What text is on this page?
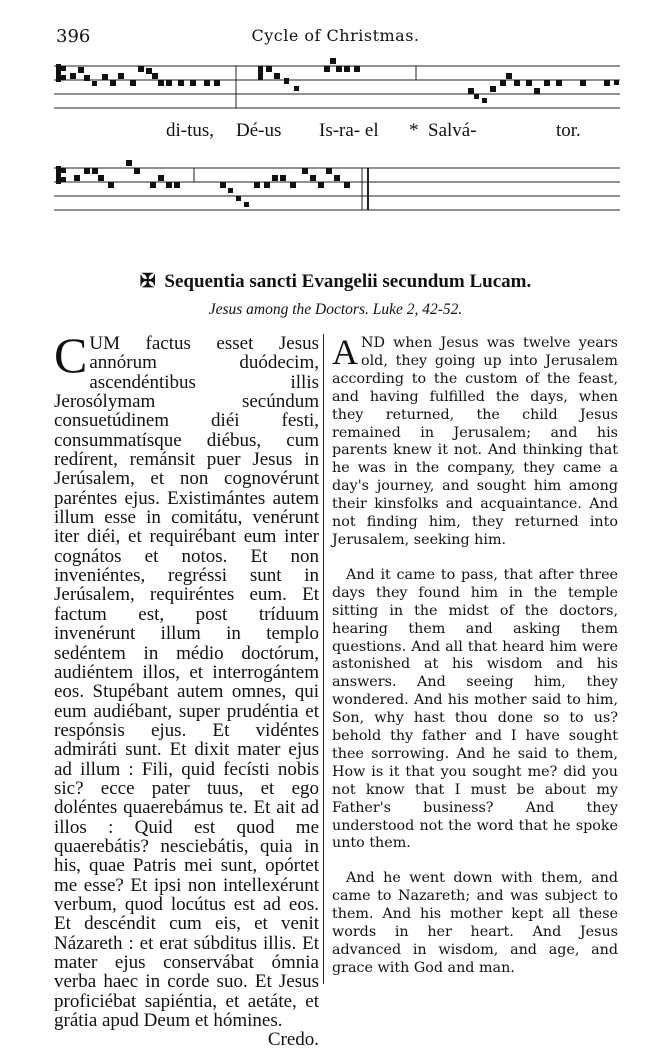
396	Cycle of Christmas.
di-tus, Dé-us Is-ra- el * Salvá-	tor.
✠ Sequentia sancti Evangelii secundum Lucam.
Jesus among the Doctors. Luke 2, 42-52.
C UM factus esset Jesus annórum duódecim, ascendéntibus illis Jerosólymam secúndum consuetúdinem diéi festi, consummatísque diébus, cum redírent, remánsit puer Jesus in Jerúsalem, et non cognovérunt paréntes ejus. Existimántes autem illum esse in comitátu, venérunt iter diéi, et requirébant eum inter cognátos et notos. Et non inveniéntes, regréssi sunt in Jerúsalem, requiréntes eum. Et factum est, post tríduum invenérunt illum in templo sedéntem in médio doctórum, audiéntem illos, et interrogántem eos. Stupébant autem omnes, qui eum audiébant, super prudéntia et respónsis ejus. Et vidéntes admiráti sunt. Et dixit mater ejus ad illum : Fili, quid fecísti nobis sic? ecce pater tuus, et ego doléntes quaerebámus te. Et ait ad illos : Quid est quod me quaerebátis? nesciebátis, quia in his, quae Patris mei sunt, opórtet me esse? Et ipsi non intellexérunt verbum, quod locútus est ad eos. Et descéndit cum eis, et venit Názareth : et erat súbditus illis. Et mater ejus conservábat ómnia verba haec in corde suo. Et Jesus proficiébat sapiéntia, et aetáte, et grátia apud Deum et hómines.
Credo.

AND when Jesus was twelve years old, they going up into Jerusalem according to the custom of the feast, and having fulfilled the days, when they returned, the child Jesus remained in Jerusalem; and his parents knew it not. And thinking that he was in the company, they came a day's journey, and sought him among their kinsfolks and acquaintance. And not finding him, they returned into Jerusalem, seeking him.

And it came to pass, that after three days they found him in the temple sitting in the midst of the doctors, hearing them and asking them questions. And all that heard him were astonished at his wisdom and his answers. And seeing him, they wondered. And his mother said to him, Son, why hast thou done so to us? behold thy father and I have sought thee sorrowing. And he said to them, How is it that you sought me? did you not know that I must be about my Father's business? And they understood not the word that he spoke unto them.

And he went down with them, and came to Nazareth; and was subject to them. And his mother kept all these words in her heart. And Jesus advanced in wisdom, and age, and grace with God and man.
